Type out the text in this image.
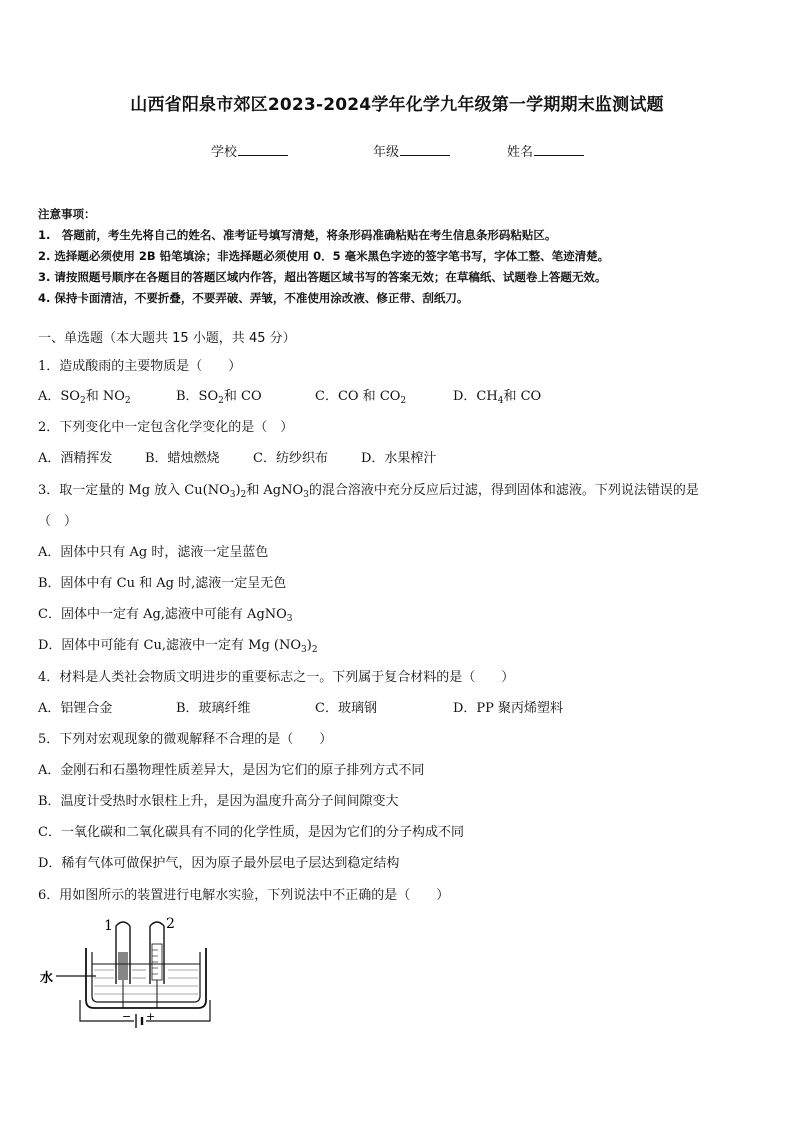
山西省阳泉市郊区2023-2024学年化学九年级第一学期期末监测试题
学校	年级	姓名
注意事项：
1.　答题前，考生先将自己的姓名、准考证号填写清楚，将条形码准确粘贴在考生信息条形码粘贴区。
2. 选择题必须使用 2B 铅笔填涂；非选择题必须使用 0．5 毫米黑色字迹的签字笔书写，字体工整、笔迹清楚。
3. 请按照题号顺序在各题目的答题区域内作答，超出答题区域书写的答案无效；在草稿纸、试题卷上答题无效。
4. 保持卡面清洁，不要折叠，不要弄破、弄皱，不准使用涂改液、修正带、刮纸刀。
一、单选题（本大题共 15 小题，共 45 分）
1．造成酸雨的主要物质是（　　）
A．$SO_2$和 $NO_2$	B．$SO_2$和 CO	C．CO 和 $CO_2$	D．$CH_4$和 CO
2．下列变化中一定包含化学变化的是（　）
A．酒精挥发	B．蜡烛燃烧	C．纺纱织布	D．水果榨汁
3．取一定量的 Mg 放入 $Cu(NO_3)_2$和 AgNO$_3$的混合溶液中充分反应后过滤，得到固体和滤液。下列说法错误的是
（　）
A．固体中只有 Ag 时，滤液一定呈蓝色
B．固体中有 Cu 和 Ag 时,滤液一定呈无色
C．固体中一定有 Ag,滤液中可能有 AgNO$_3$
D．固体中可能有 Cu,滤液中一定有 Mg $(NO_3)_2$
4．材料是人类社会物质文明进步的重要标志之一。下列属于复合材料的是（　　）
A．铝锂合金	B．玻璃纤维	C．玻璃钢	D．PP 聚丙烯塑料
5．下列对宏观现象的微观解释不合理的是（　　）
A．金刚石和石墨物理性质差异大，是因为它们的原子排列方式不同
B．温度计受热时水银柱上升，是因为温度升高分子间间隙变大
C．一氧化碳和二氧化碳具有不同的化学性质，是因为它们的分子构成不同
D．稀有气体可做保护气，因为原子最外层电子层达到稳定结构
6．用如图所示的装置进行电解水实验，下列说法中不正确的是（　　）
1	2
水
− +
